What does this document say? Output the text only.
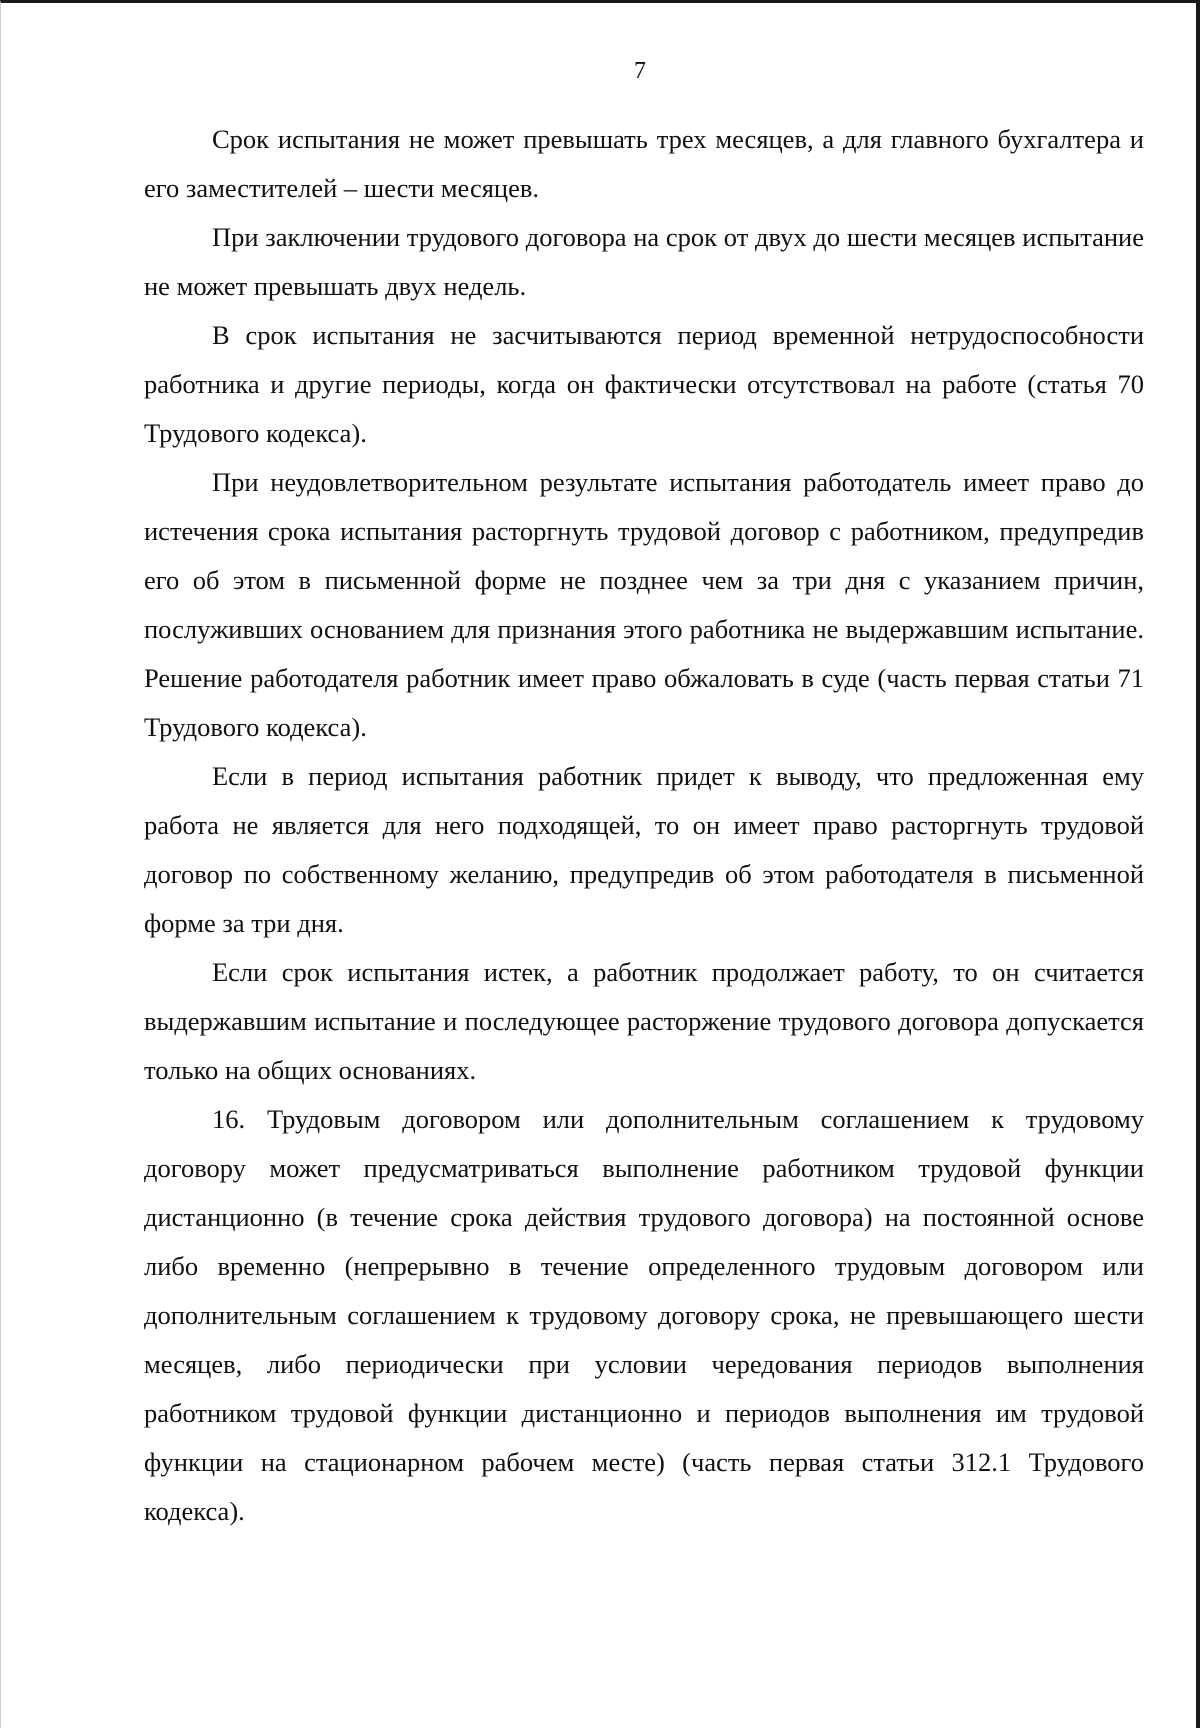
7

Срок испытания не может превышать трех месяцев, а для главного бухгалтера и его заместителей – шести месяцев.

При заключении трудового договора на срок от двух до шести месяцев испытание не может превышать двух недель.

В срок испытания не засчитываются период временной нетрудоспособности работника и другие периоды, когда он фактически отсутствовал на работе (статья 70 Трудового кодекса).

При неудовлетворительном результате испытания работодатель имеет право до истечения срока испытания расторгнуть трудовой договор с работником, предупредив его об этом в письменной форме не позднее чем за три дня с указанием причин, послуживших основанием для признания этого работника не выдержавшим испытание. Решение работодателя работник имеет право обжаловать в суде (часть первая статьи 71 Трудового кодекса).

Если в период испытания работник придет к выводу, что предложенная ему работа не является для него подходящей, то он имеет право расторгнуть трудовой договор по собственному желанию, предупредив об этом работодателя в письменной форме за три дня.

Если срок испытания истек, а работник продолжает работу, то он считается выдержавшим испытание и последующее расторжение трудового договора допускается только на общих основаниях.

16. Трудовым договором или дополнительным соглашением к трудовому договору может предусматриваться выполнение работником трудовой функции дистанционно (в течение срока действия трудового договора) на постоянной основе либо временно (непрерывно в течение определенного трудовым договором или дополнительным соглашением к трудовому договору срока, не превышающего шести месяцев, либо периодически при условии чередования периодов выполнения работником трудовой функции дистанционно и периодов выполнения им трудовой функции на стационарном рабочем месте) (часть первая статьи 312.1 Трудового кодекса).
